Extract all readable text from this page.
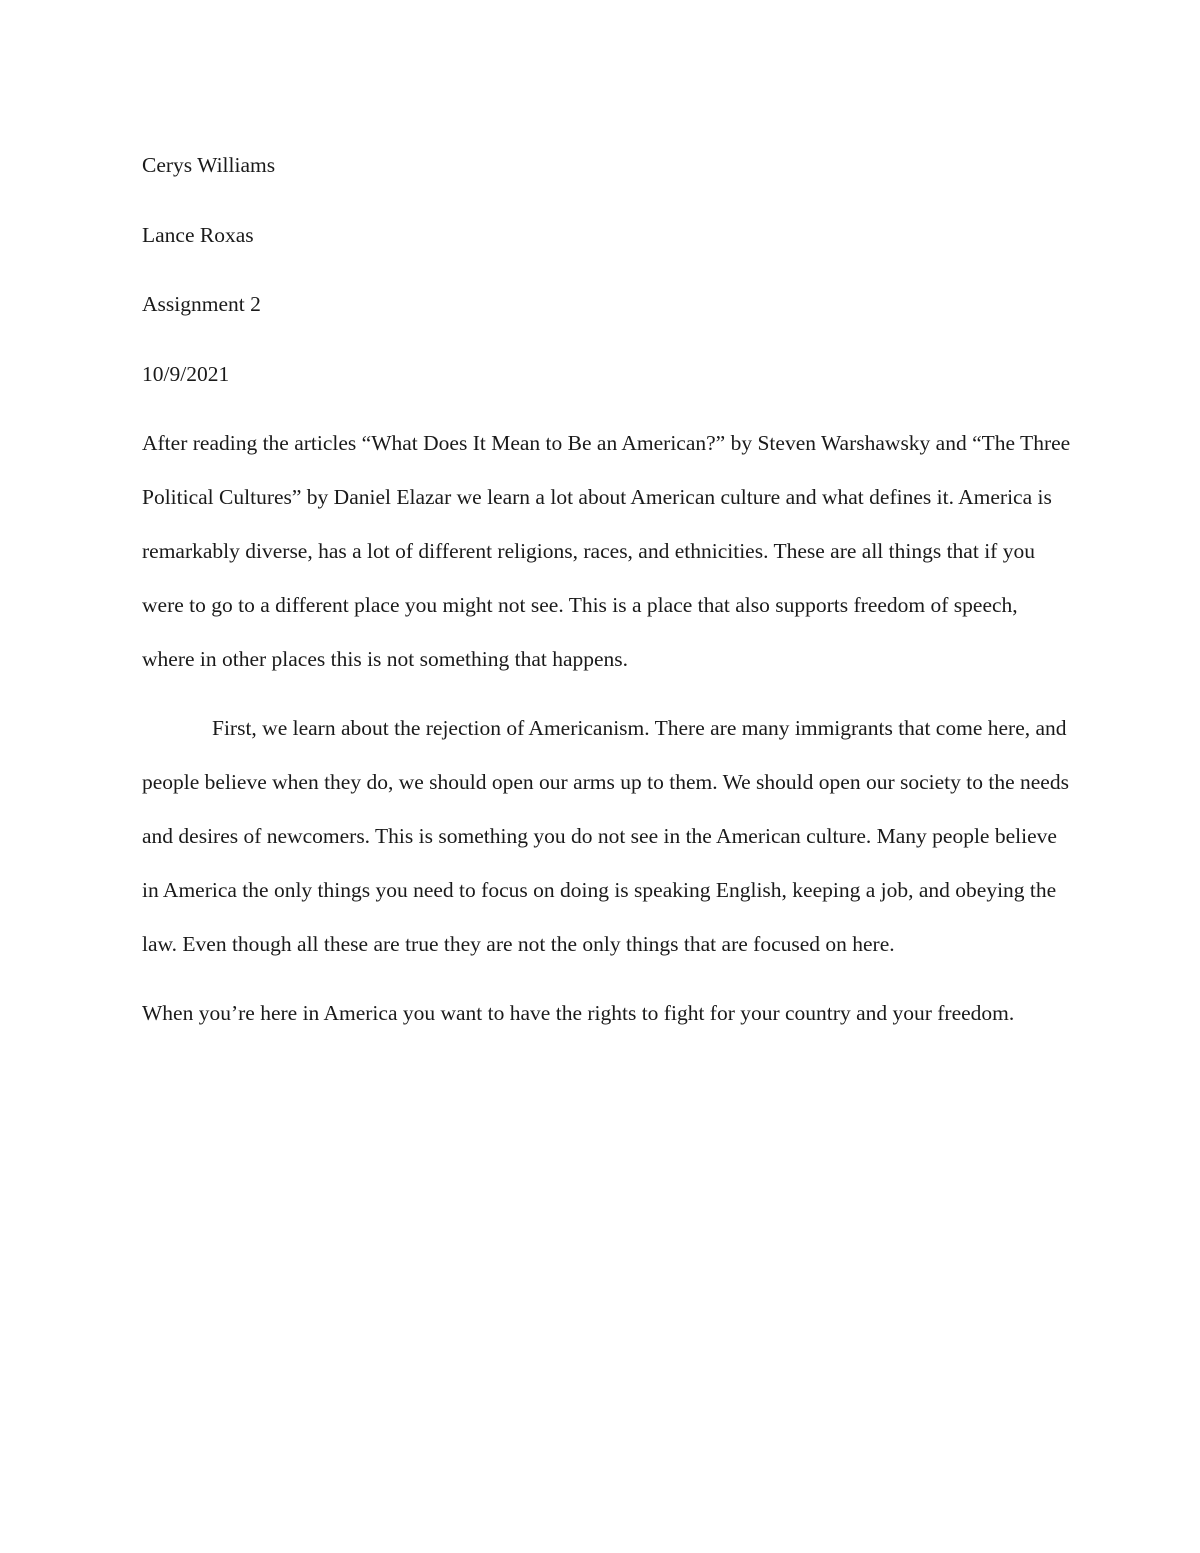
Cerys Williams
Lance Roxas
Assignment 2
10/9/2021

After reading the articles “What Does It Mean to Be an American?” by Steven Warshawsky and “The Three Political Cultures” by Daniel Elazar we learn a lot about American culture and what defines it. America is remarkably diverse, has a lot of different religions, races, and ethnicities. These are all things that if you were to go to a different place you might not see. This is a place that also supports freedom of speech, where in other places this is not something that happens.

First, we learn about the rejection of Americanism. There are many immigrants that come here, and people believe when they do, we should open our arms up to them. We should open our society to the needs and desires of newcomers. This is something you do not see in the American culture. Many people believe in America the only things you need to focus on doing is speaking English, keeping a job, and obeying the law. Even though all these are true they are not the only things that are focused on here.

When you’re here in America you want to have the rights to fight for your country and your freedom.
